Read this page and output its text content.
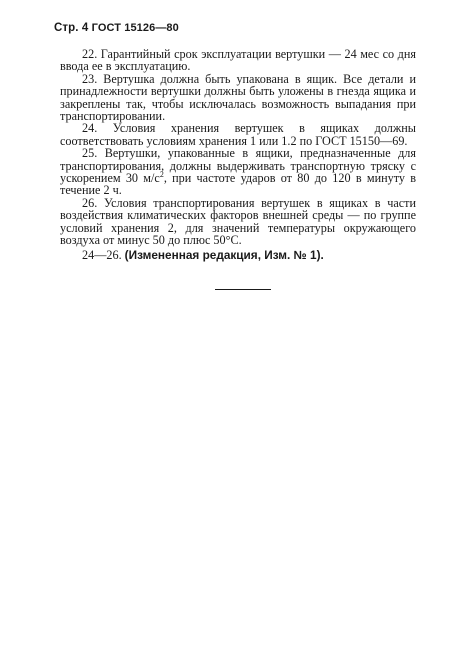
Стр. 4 ГОСТ 15126—80

22. Гарантийный срок эксплуатации вертушки — 24 мес со дня ввода ее в эксплуатацию.

23. Вертушка должна быть упакована в ящик. Все детали и принадлежности вертушки должны быть уложены в гнезда ящика и закреплены так, чтобы исключалась возможность выпадания при транспортировании.

24. Условия хранения вертушек в ящиках должны соответствовать условиям хранения 1 или 1.2 по ГОСТ 15150—69.

25. Вертушки, упакованные в ящики, предназначенные для транспортирования, должны выдерживать транспортную тряску с ускорением 30 $м/с^2$, при частоте ударов от 80 до 120 в минуту в течение 2 ч.

26. Условия транспортирования вертушек в ящиках в части воздействия климатических факторов внешней среды — по группе условий хранения 2, для значений температуры окружающего воздуха от минус 50 до плюс 50°С.

24—26. (Измененная редакция, Изм. № 1).
